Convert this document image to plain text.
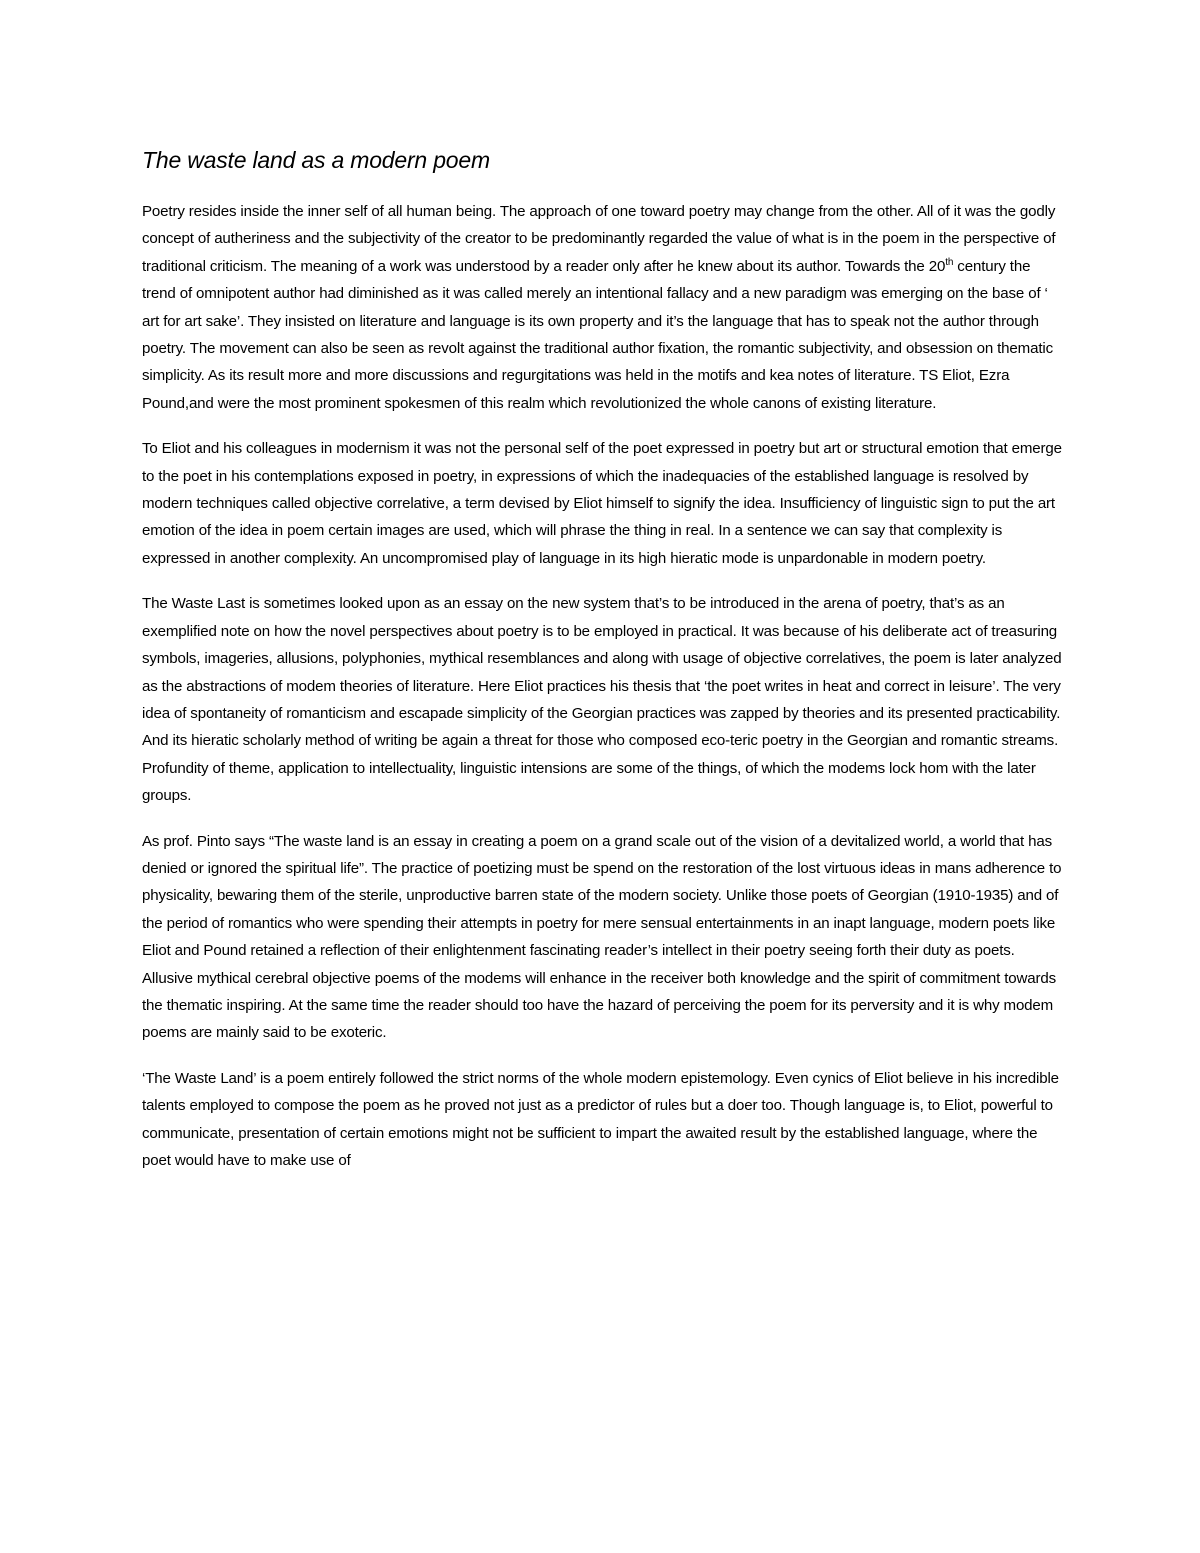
The waste land as a modern poem

Poetry resides inside the inner self of all human being. The approach of one toward poetry may change from the other. All of it was the godly concept of autheriness and the subjectivity of the creator to be predominantly regarded the value of what is in the poem in the perspective of traditional criticism. The meaning of a work was understood by a reader only after he knew about its author. Towards the 20th century the trend of omnipotent author had diminished as it was called merely an intentional fallacy and a new paradigm was emerging on the base of ‘ art for art sake’. They insisted on literature and language is its own property and it’s the language that has to speak not the author through poetry. The movement can also be seen as revolt against the traditional author fixation, the romantic subjectivity, and obsession on thematic simplicity. As its result more and more discussions and regurgitations was held in the motifs and kea notes of literature. TS Eliot, Ezra Pound,and were the most prominent spokesmen of this realm which revolutionized the whole canons of existing literature.

To Eliot and his colleagues in modernism it was not the personal self of the poet expressed in poetry but art or structural emotion that emerge to the poet in his contemplations exposed in poetry, in expressions of which the inadequacies of the established language is resolved by modern techniques called objective correlative, a term devised by Eliot himself to signify the idea. Insufficiency of linguistic sign to put the art emotion of the idea in poem certain images are used, which will phrase the thing in real. In a sentence we can say that complexity is expressed in another complexity. An uncompromised play of language in its high hieratic mode is unpardonable in modern poetry.

The Waste Last is sometimes looked upon as an essay on the new system that’s to be introduced in the arena of poetry, that’s as an exemplified note on how the novel perspectives about poetry is to be employed in practical. It was because of his deliberate act of treasuring symbols, imageries, allusions, polyphonies, mythical resemblances and along with usage of objective correlatives, the poem is later analyzed as the abstractions of modem theories of literature. Here Eliot practices his thesis that ‘the poet writes in heat and correct in leisure’. The very idea of spontaneity of romanticism and escapade simplicity of the Georgian practices was zapped by theories and its presented practicability. And its hieratic scholarly method of writing be again a threat for those who composed eco-teric poetry in the Georgian and romantic streams. Profundity of theme, application to intellectuality, linguistic intensions are some of the things, of which the modems lock hom with the later groups.

As prof. Pinto says “The waste land is an essay in creating a poem on a grand scale out of the vision of a devitalized world, a world that has denied or ignored the spiritual life”. The practice of poetizing must be spend on the restoration of the lost virtuous ideas in mans adherence to physicality, bewaring them of the sterile, unproductive barren state of the modern society. Unlike those poets of Georgian (1910-1935) and of the period of romantics who were spending their attempts in poetry for mere sensual entertainments in an inapt language, modern poets like Eliot and Pound retained a reflection of their enlightenment fascinating reader’s intellect in their poetry seeing forth their duty as poets. Allusive mythical cerebral objective poems of the modems will enhance in the receiver both knowledge and the spirit of commitment towards the thematic inspiring. At the same time the reader should too have the hazard of perceiving the poem for its perversity and it is why modem poems are mainly said to be exoteric.

‘The Waste Land’ is a poem entirely followed the strict norms of the whole modern epistemology. Even cynics of Eliot believe in his incredible talents employed to compose the poem as he proved not just as a predictor of rules but a doer too. Though language is, to Eliot, powerful to communicate, presentation of certain emotions might not be sufficient to impart the awaited result by the established language, where the poet would have to make use of
